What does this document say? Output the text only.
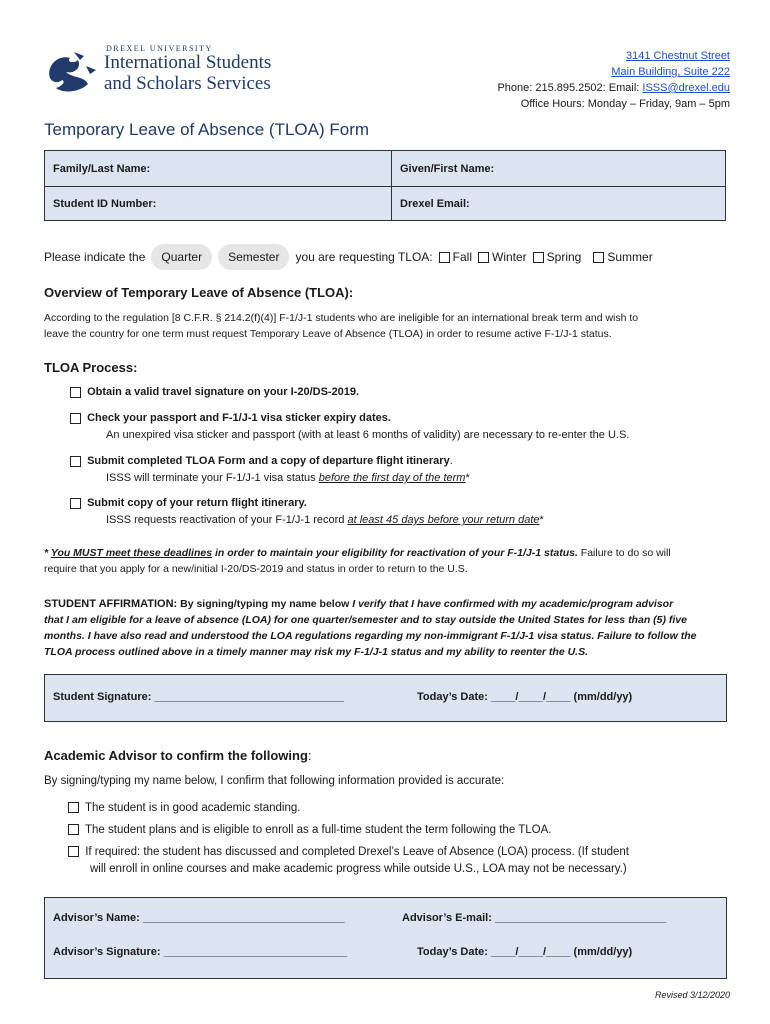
DREXEL UNIVERSITY
International Students
and Scholars Services
3141 Chestnut Street
Main Building, Suite 222
Phone: 215.895.2502: Email: ISSS@drexel.edu
Office Hours: Monday – Friday, 9am – 5pm
Temporary Leave of Absence (TLOA) Form
Family/Last Name:	Given/First Name:
Student ID Number:	Drexel Email:
Please indicate the	Quarter	Semester	you are requesting TLOA:	Fall	Winter	Spring	Summer
Overview of Temporary Leave of Absence (TLOA):
According to the regulation [8 C.F.R. § 214.2(f)(4)] F-1/J-1 students who are ineligible for an international break term and wish to
leave the country for one term must request Temporary Leave of Absence (TLOA) in order to resume active F-1/J-1 status.
TLOA Process:
Obtain a valid travel signature on your I-20/DS-2019.
Check your passport and F-1/J-1 visa sticker expiry dates.
An unexpired visa sticker and passport (with at least 6 months of validity) are necessary to re-enter the U.S.
Submit completed TLOA Form and a copy of departure flight itinerary.
ISSS will terminate your F-1/J-1 visa status before the first day of the term*
Submit copy of your return flight itinerary.
ISSS requests reactivation of your F-1/J-1 record at least 45 days before your return date*
* You MUST meet these deadlines in order to maintain your eligibility for reactivation of your F-1/J-1 status. Failure to do so will
require that you apply for a new/initial I-20/DS-2019 and status in order to return to the U.S.
STUDENT AFFIRMATION: By signing/typing my name below I verify that I have confirmed with my academic/program advisor
that I am eligible for a leave of absence (LOA) for one quarter/semester and to stay outside the United States for less than (5) five
months. I have also read and understood the LOA regulations regarding my non-immigrant F-1/J-1 visa status. Failure to follow the
TLOA process outlined above in a timely manner may risk my F-1/J-1 status and my ability to reenter the U.S.
Student Signature: _______________________________	Today’s Date: ____/____/____ (mm/dd/yy)
Academic Advisor to confirm the following:
By signing/typing my name below, I confirm that following information provided is accurate:
The student is in good academic standing.
The student plans and is eligible to enroll as a full-time student the term following the TLOA.
If required: the student has discussed and completed Drexel’s Leave of Absence (LOA) process. (If student
will enroll in online courses and make academic progress while outside U.S., LOA may not be necessary.)
Advisor’s Name: _________________________________	Advisor’s E-mail: ____________________________
Advisor’s Signature: ______________________________	Today’s Date: ____/____/____ (mm/dd/yy)
Revised 3/12/2020
